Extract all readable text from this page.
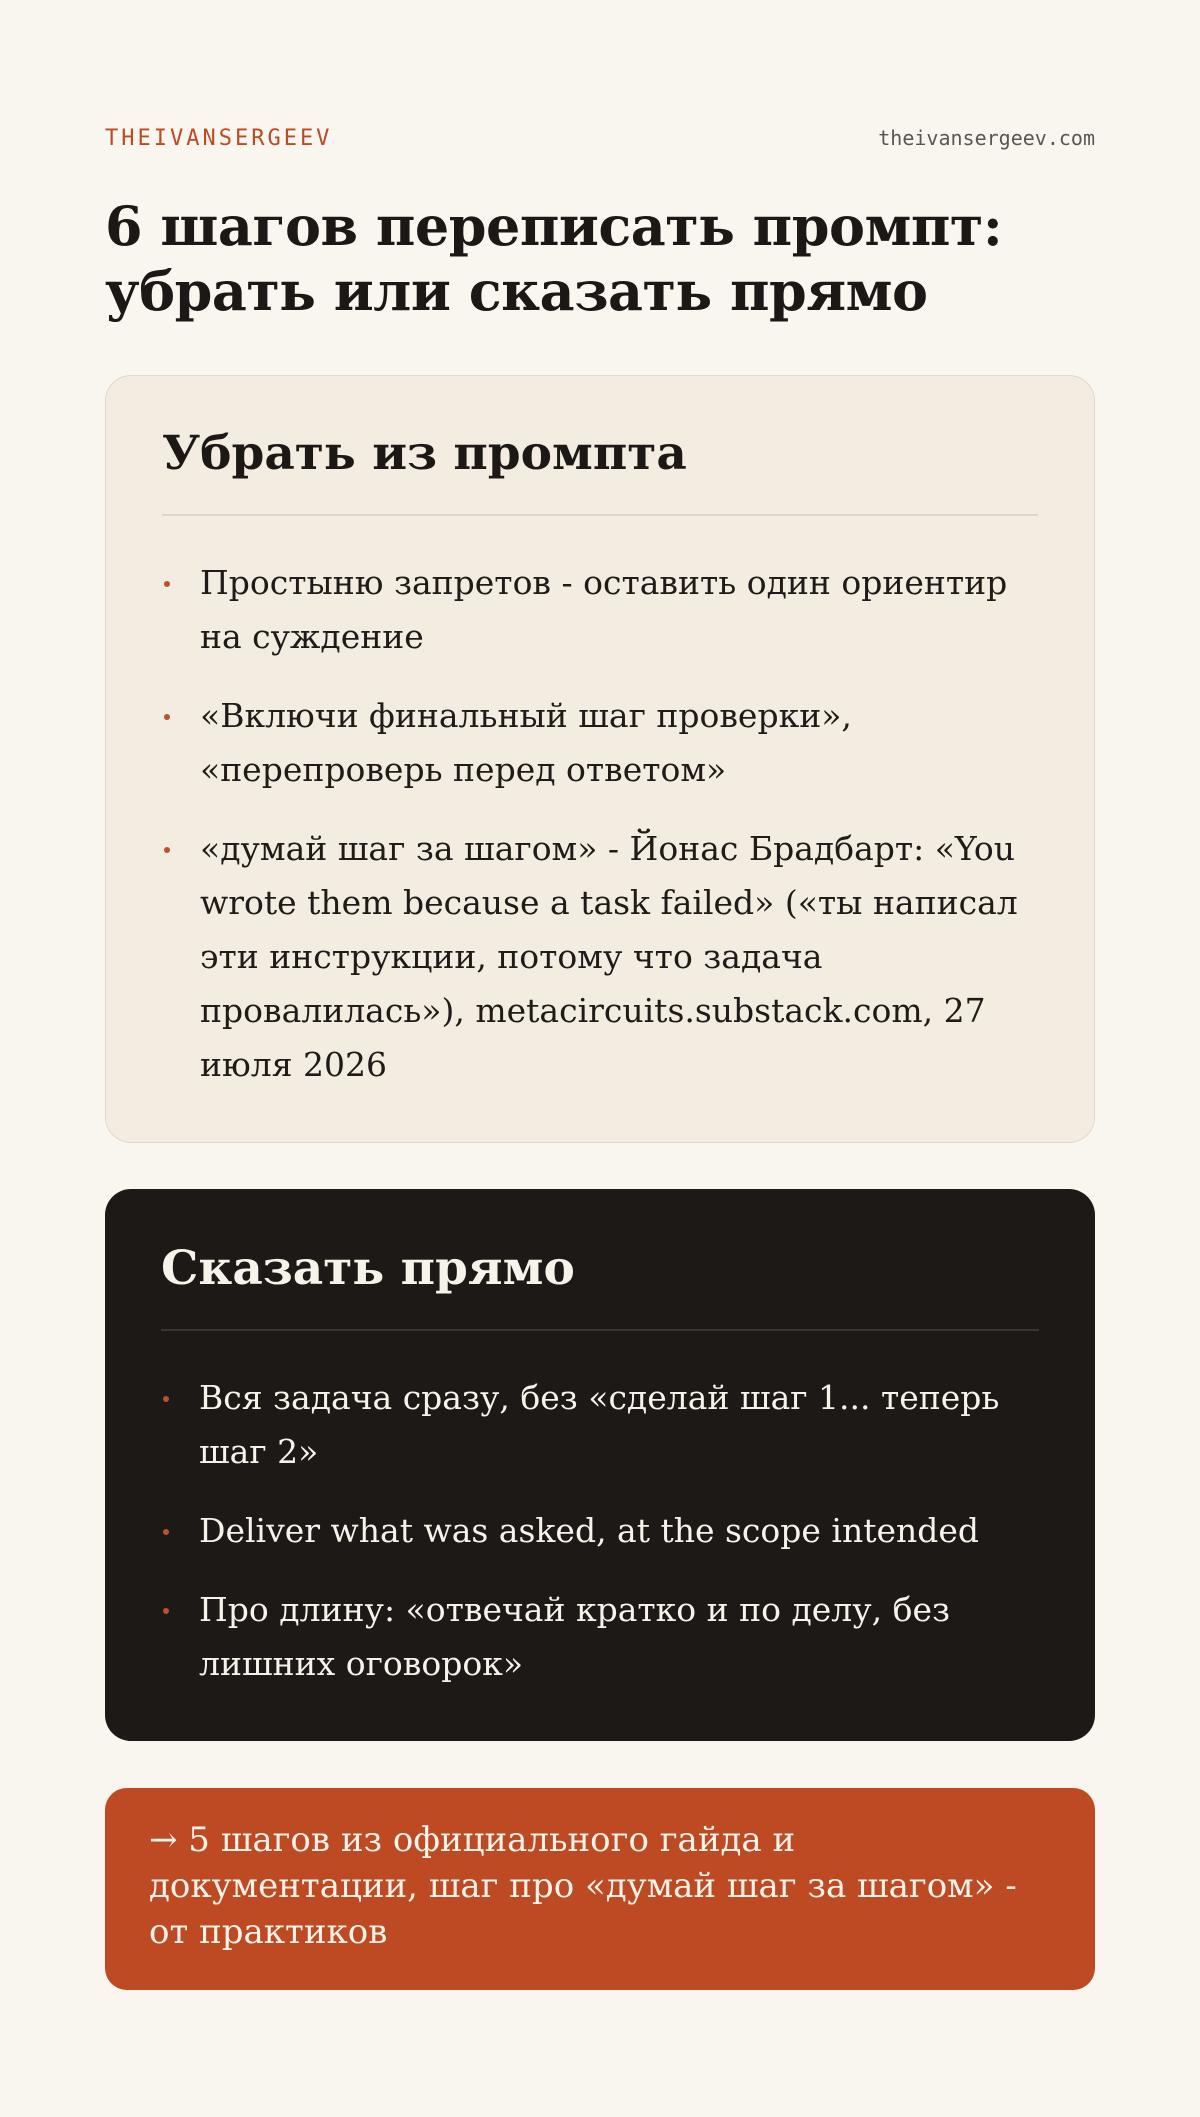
THEIVANSERGEEV	theivansergeev.com
6 шагов переписать промпт:
убрать или сказать прямо
Убрать из промпта
Простыню запретов - оставить один ориентир на суждение
«Включи финальный шаг проверки», «перепроверь перед ответом»
«думай шаг за шагом» - Йонас Брадбарт: «You wrote them because a task failed» («ты написал эти инструкции, потому что задача провалилась»), metacircuits.substack.com, 27 июля 2026
Сказать прямо
Вся задача сразу, без «сделай шаг 1... теперь шаг 2»
Deliver what was asked, at the scope intended
Про длину: «отвечай кратко и по делу, без лишних оговорок»
→ 5 шагов из официального гайда и документации, шаг про «думай шаг за шагом» - от практиков
